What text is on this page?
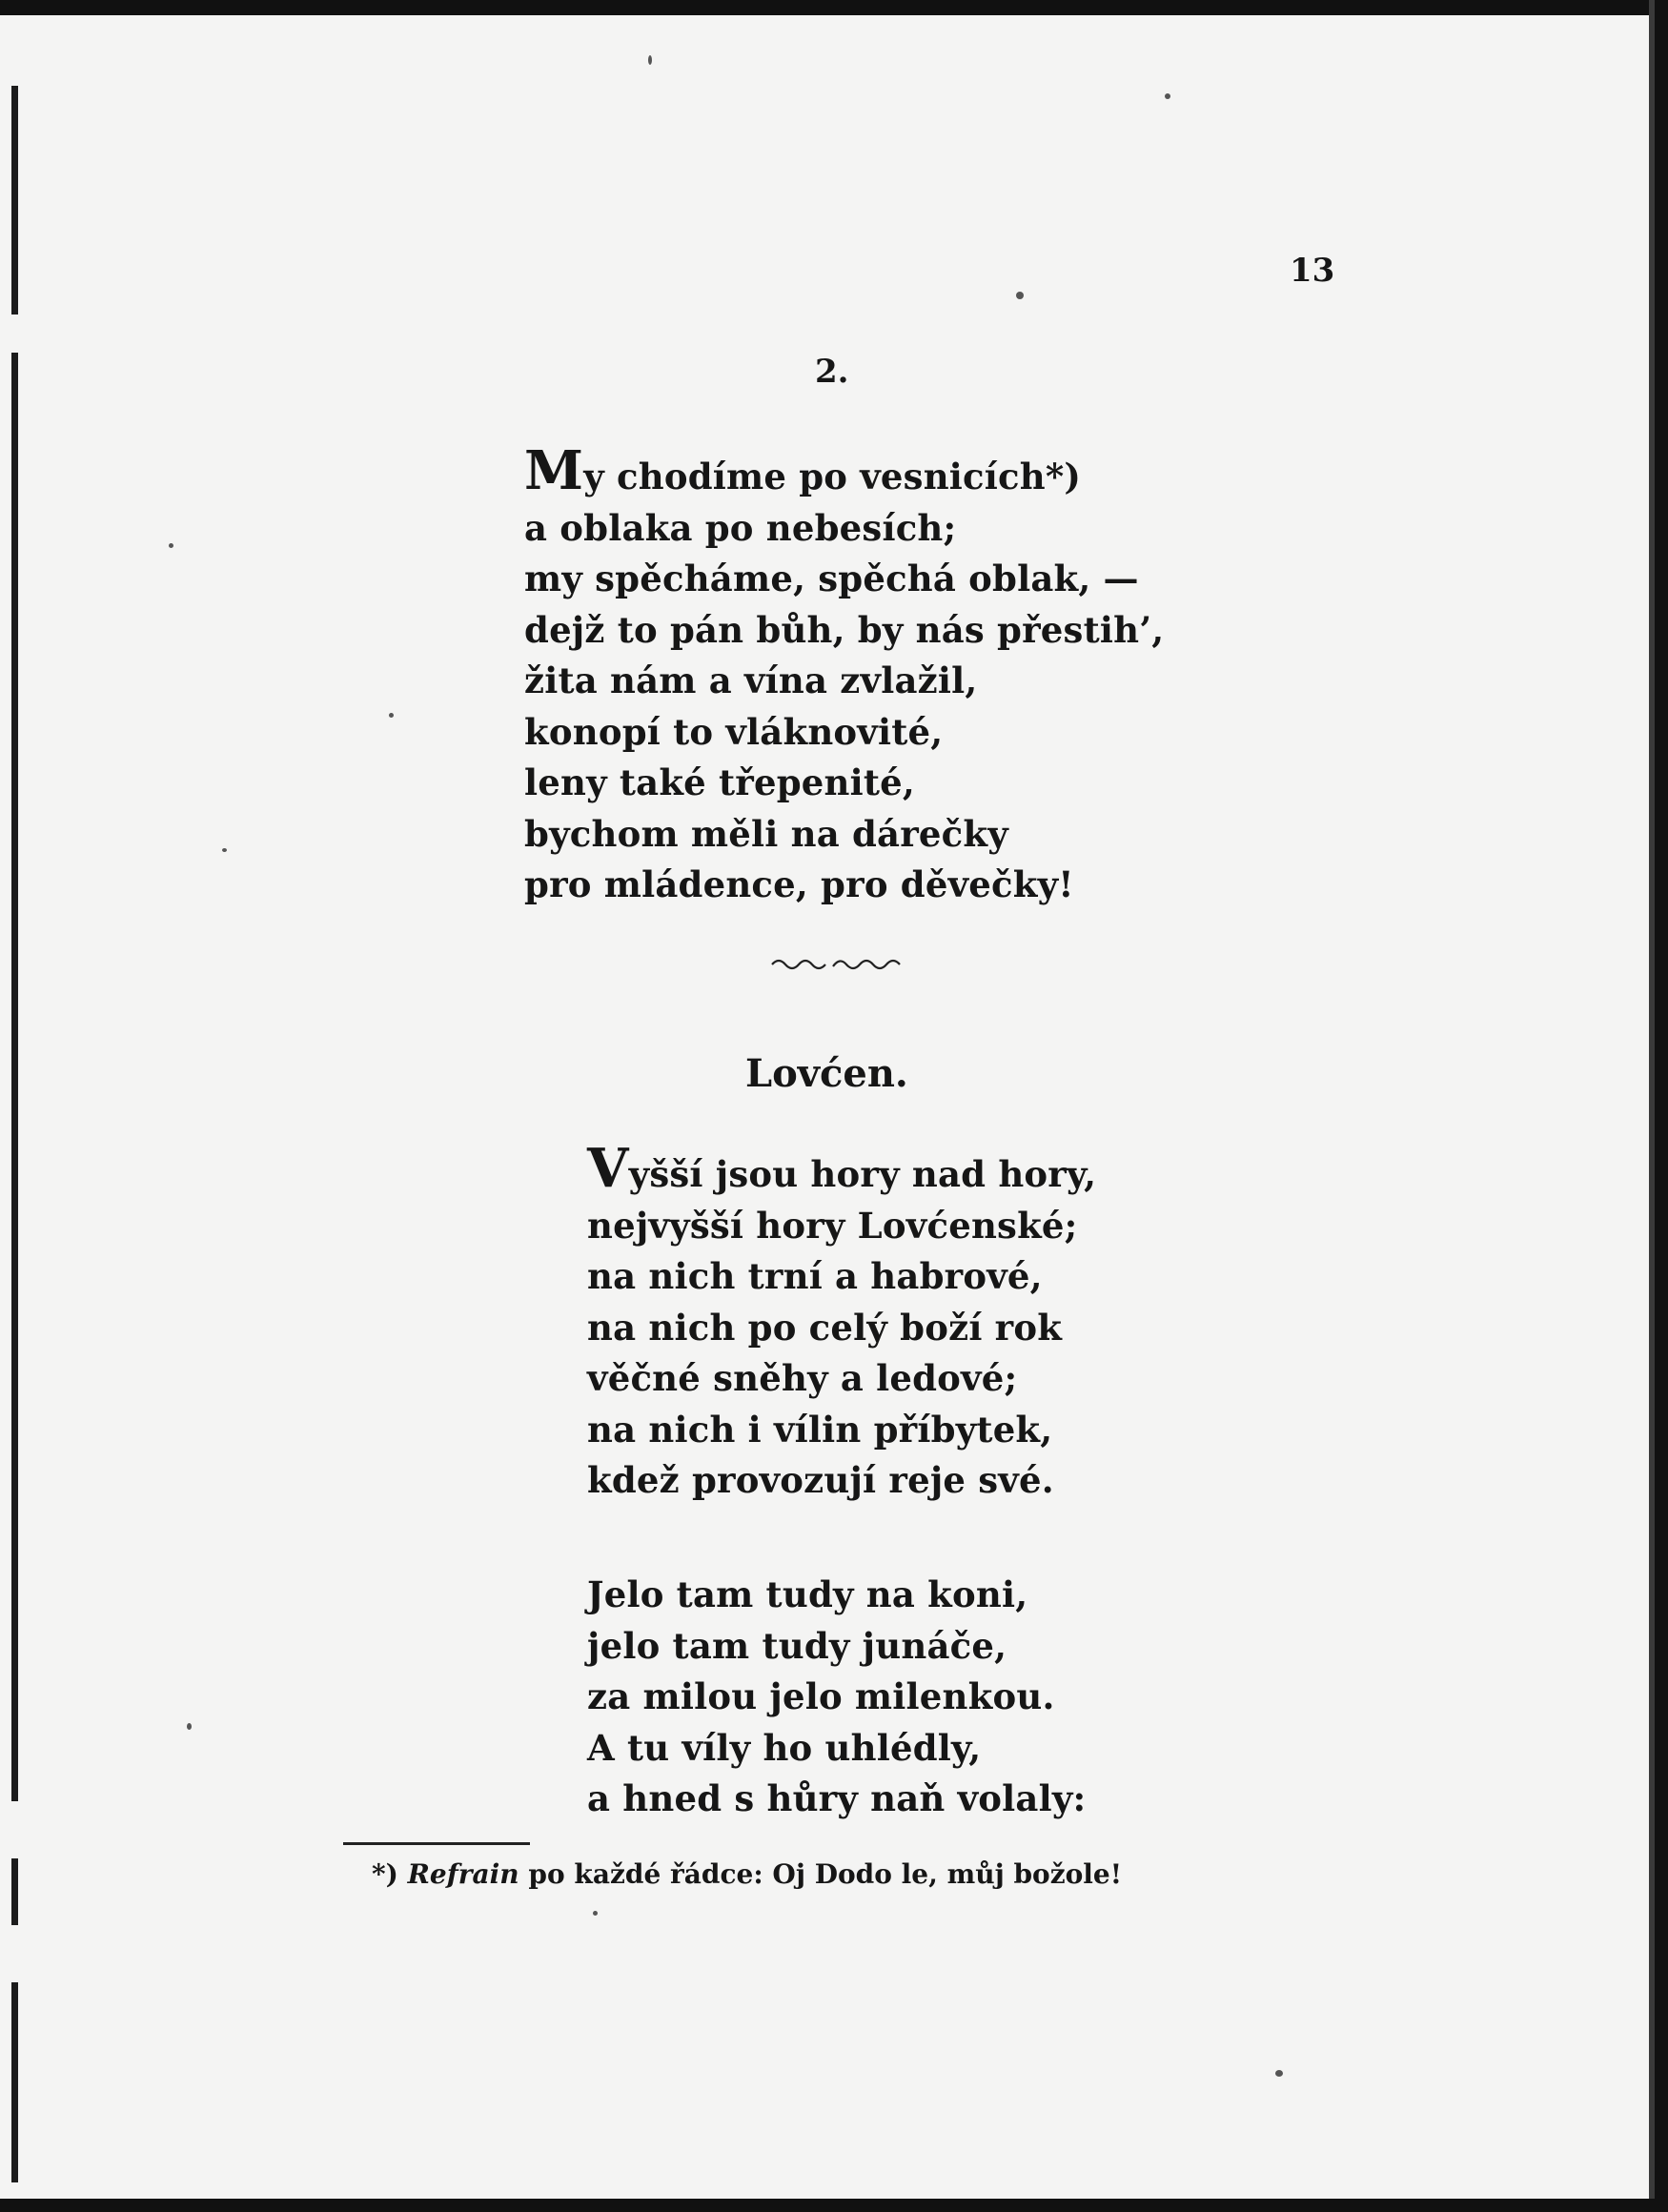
13
2.
My chodíme po vesnicích*)
a oblaka po nebesích;
my spěcháme, spěchá oblak, —
dejž to pán bůh, by nás přestih’,
žita nám a vína zvlažil,
konopí to vláknovité,
leny také třepenité,
bychom měli na dárečky
pro mládence, pro děvečky!
Lovćen.
Vyšší jsou hory nad hory,
nejvyšší hory Lovćenské;
na nich trní a habrové,
na nich po celý boží rok
věčné sněhy a ledové;
na nich i vílin příbytek,
kdež provozují reje své.
Jelo tam tudy na koni,
jelo tam tudy junáče,
za milou jelo milenkou.
A tu víly ho uhlédly,
a hned s hůry naň volaly:
*) Refrain po každé řádce: Oj Dodo le, můj božole!
